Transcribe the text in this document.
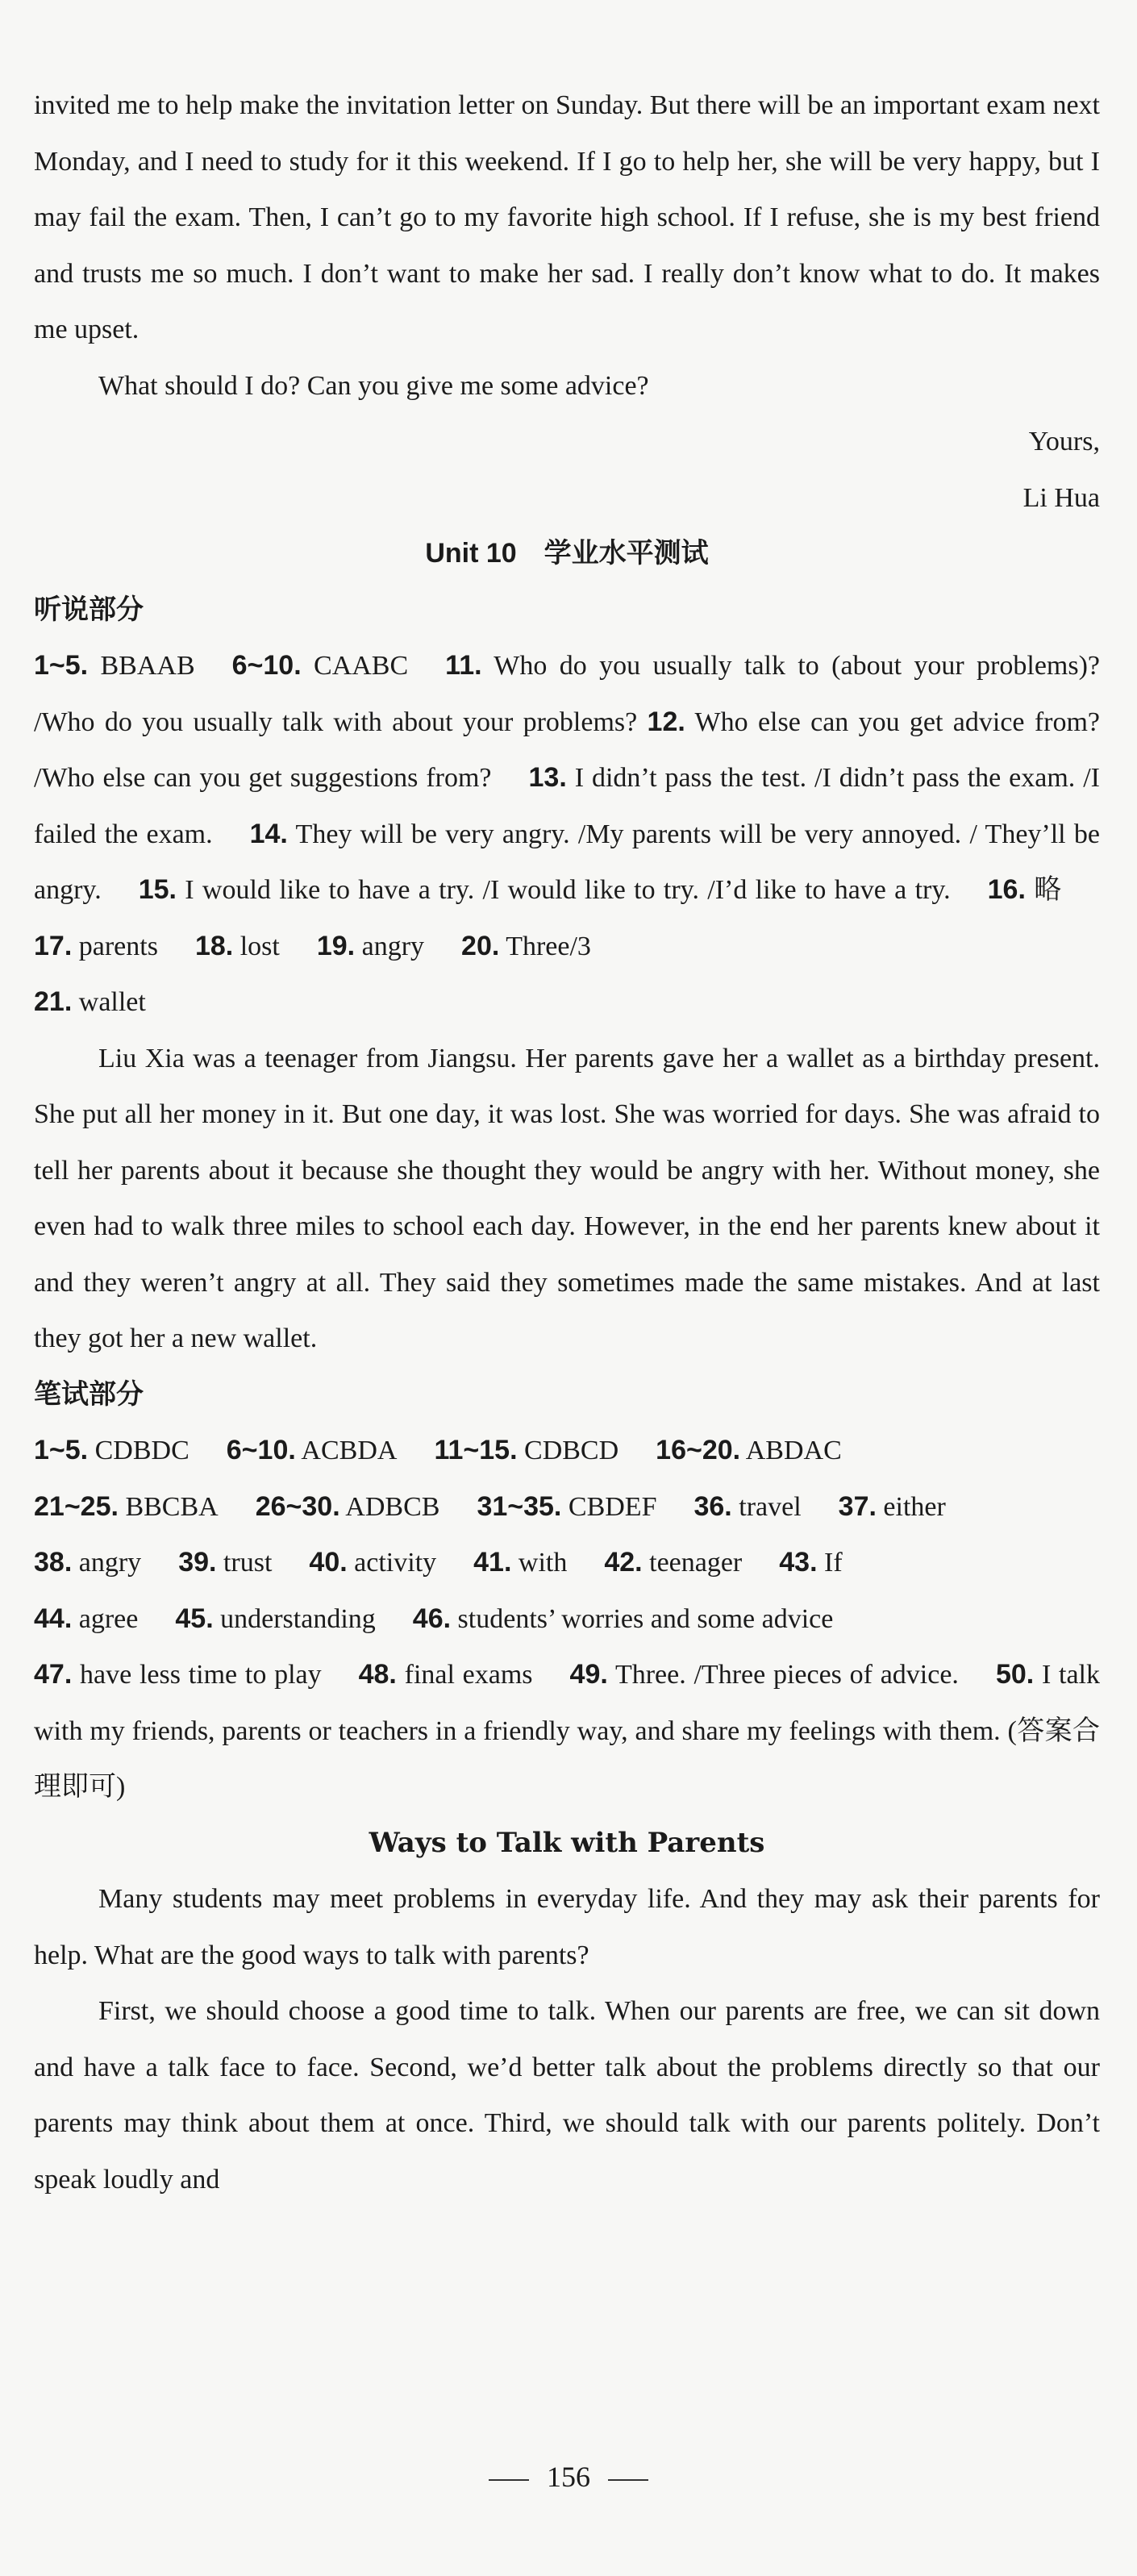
invited me to help make the invitation letter on Sunday. But there will be an important exam next Monday, and I need to study for it this weekend. If I go to help her, she will be very happy, but I may fail the exam. Then, I can’t go to my favorite high school. If I refuse, she is my best friend and trusts me so much. I don’t want to make her sad. I really don’t know what to do. It makes me upset.

What should I do? Can you give me some advice?

Yours,

Li Hua

Unit 10　学业水平测试

听说部分

1~5. BBAAB 6~10. CAABC 11. Who do you usually talk to (about your problems)? /Who do you usually talk with about your problems? 12. Who else can you get advice from? /Who else can you get suggestions from? 13. I didn’t pass the test. /I didn’t pass the exam. /I failed the exam. 14. They will be very angry. /My parents will be very annoyed. / They’ll be angry. 15. I would like to have a try. /I would like to try. /I’d like to have a try. 16. 略17. parents 18. lost 19. angry 20. Three/3
21. wallet

Liu Xia was a teenager from Jiangsu. Her parents gave her a wallet as a birthday present. She put all her money in it. But one day, it was lost. She was worried for days. She was afraid to tell her parents about it because she thought they would be angry with her. Without money, she even had to walk three miles to school each day. However, in the end her parents knew about it and they weren’t angry at all. They said they sometimes made the same mistakes. And at last they got her a new wallet.

笔试部分

1~5. CDBDC 6~10. ACBDA 11~15. CDBCD 16~20. ABDAC
21~25. BBCBA 26~30. ADBCB 31~35. CBDEF 36. travel 37. either
38. angry 39. trust 40. activity 41. with 42. teenager 43. If
44. agree 45. understanding 46. students’ worries and some advice
47. have less time to play 48. final exams 49. Three. /Three pieces of advice. 50. I talk with my friends, parents or teachers in a friendly way, and share my feelings with them. (答案合理即可)

Ways to Talk with Parents

Many students may meet problems in everyday life. And they may ask their parents for help. What are the good ways to talk with parents?

First, we should choose a good time to talk. When our parents are free, we can sit down and have a talk face to face. Second, we’d better talk about the problems directly so that our parents may think about them at once. Third, we should talk with our parents politely. Don’t speak loudly and

156
